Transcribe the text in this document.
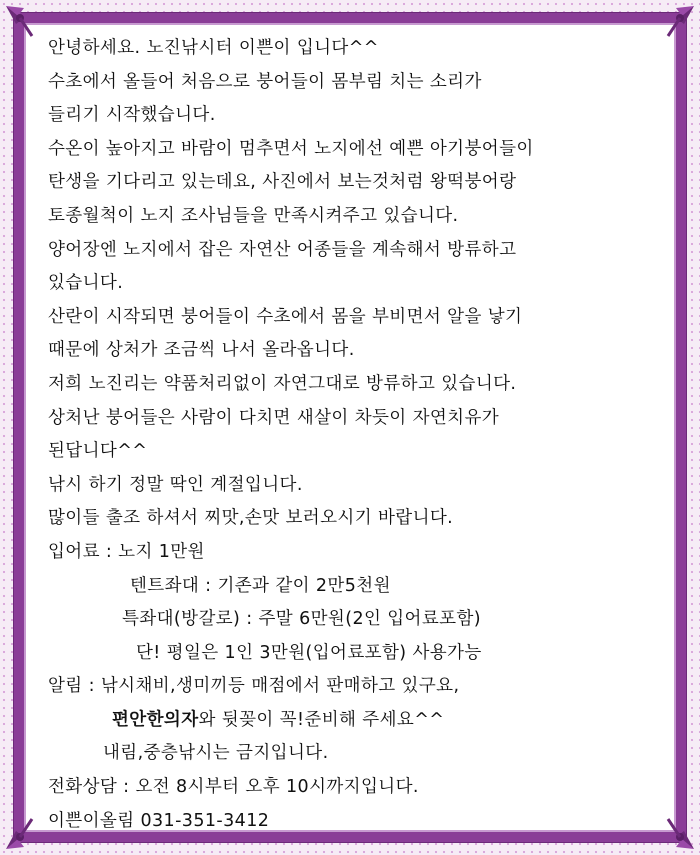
안녕하세요. 노진낚시터 이쁜이 입니다^^
수초에서 올들어 처음으로 붕어들이 몸부림 치는 소리가
들리기 시작했습니다.
수온이 높아지고 바람이 멈추면서 노지에선 예쁜 아기붕어들이
탄생을 기다리고 있는데요, 사진에서 보는것처럼 왕떡붕어랑
토종월척이 노지 조사님들을 만족시켜주고 있습니다.
양어장엔 노지에서 잡은 자연산 어종들을 계속해서 방류하고
있습니다.
산란이 시작되면 붕어들이 수초에서 몸을 부비면서 알을 낳기
때문에 상처가 조금씩 나서 올라옵니다.
저희 노진리는 약품처리없이 자연그대로 방류하고 있습니다.
상처난 붕어들은 사람이 다치면 새살이 차듯이 자연치유가
된답니다^^
낚시 하기 정말 딱인 계절입니다.
많이들 출조 하셔서 찌맛,손맛 보러오시기 바랍니다.
입어료 : 노지 1만원
텐트좌대 : 기존과 같이 2만5천원
특좌대(방갈로) : 주말 6만원(2인 입어료포함)
단! 평일은 1인 3만원(입어료포함) 사용가능
알림 : 낚시채비,생미끼등 매점에서 판매하고 있구요,
편안한의자와 뒷꽂이 꼭!준비해 주세요^^
내림,중층낚시는 금지입니다.
전화상담 : 오전 8시부터 오후 10시까지입니다.
이쁜이올림 031-351-3412
